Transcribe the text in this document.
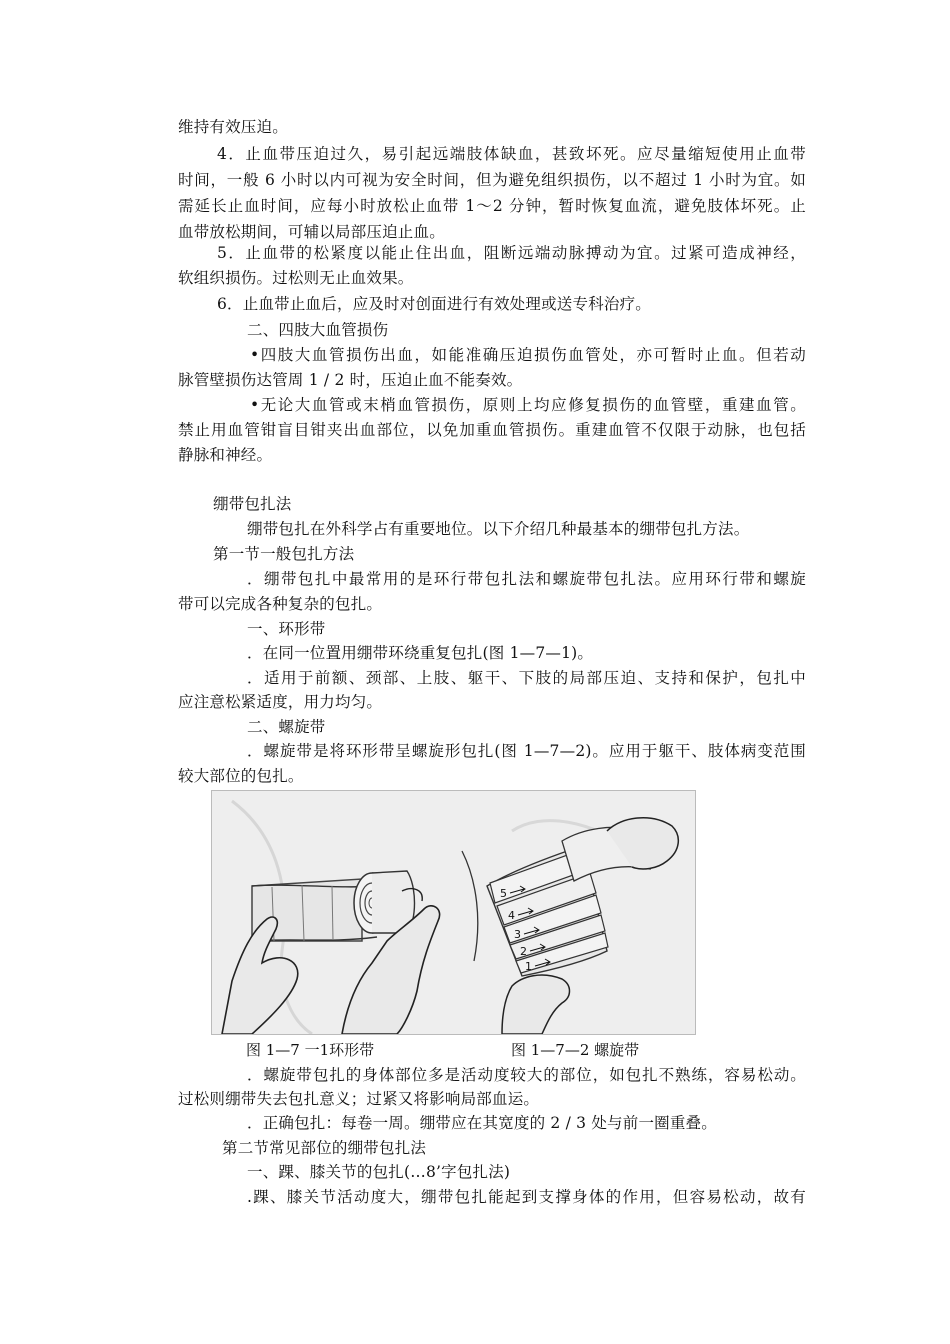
维持有效压迫。
4．止血带压迫过久，易引起远端肢体缺血，甚致坏死。应尽量缩短使用止血带
时间，一般 6 小时以内可视为安全时间，但为避免组织损伤，以不超过 1 小时为宜。如
需延长止血时间，应每小时放松止血带 1～2 分钟，暂时恢复血流，避免肢体坏死。止
血带放松期间，可辅以局部压迫止血。
5．止血带的松紧度以能止住出血，阻断远端动脉搏动为宜。过紧可造成神经，
软组织损伤。过松则无止血效果。
6．止血带止血后，应及时对创面进行有效处理或送专科治疗。
二、四肢大血管损伤
•四肢大血管损伤出血，如能准确压迫损伤血管处，亦可暂时止血。但若动
脉管壁损伤达管周 1 / 2 时，压迫止血不能奏效。
•无论大血管或末梢血管损伤，原则上均应修复损伤的血管壁，重建血管。
禁止用血管钳盲目钳夹出血部位，以免加重血管损伤。重建血管不仅限于动脉，也包括
静脉和神经。
绷带包扎法
绷带包扎在外科学占有重要地位。以下介绍几种最基本的绷带包扎方法。
第一节一般包扎方法
．绷带包扎中最常用的是环行带包扎法和螺旋带包扎法。应用环行带和螺旋
带可以完成各种复杂的包扎。
一、环形带
．在同一位置用绷带环绕重复包扎(图 1—7—1)。
．适用于前额、颈部、上肢、躯干、下肢的局部压迫、支持和保护，包扎中
应注意松紧适度，用力均匀。
二、螺旋带
．螺旋带是将环形带呈螺旋形包扎(图 1—7—2)。应用于躯干、肢体病变范围
较大部位的包扎。
5
4
3
2
1
图 1—7 一1环形带	图 1—7—2 螺旋带
．螺旋带包扎的身体部位多是活动度较大的部位，如包扎不熟练，容易松动。
过松则绷带失去包扎意义；过紧又将影响局部血运。
．正确包扎：每卷一周。绷带应在其宽度的 2 / 3 处与前一圈重叠。
第二节常见部位的绷带包扎法
一、踝、膝关节的包扎(…8’字包扎法)
.踝、膝关节活动度大，绷带包扎能起到支撑身体的作用，但容易松动，故有
